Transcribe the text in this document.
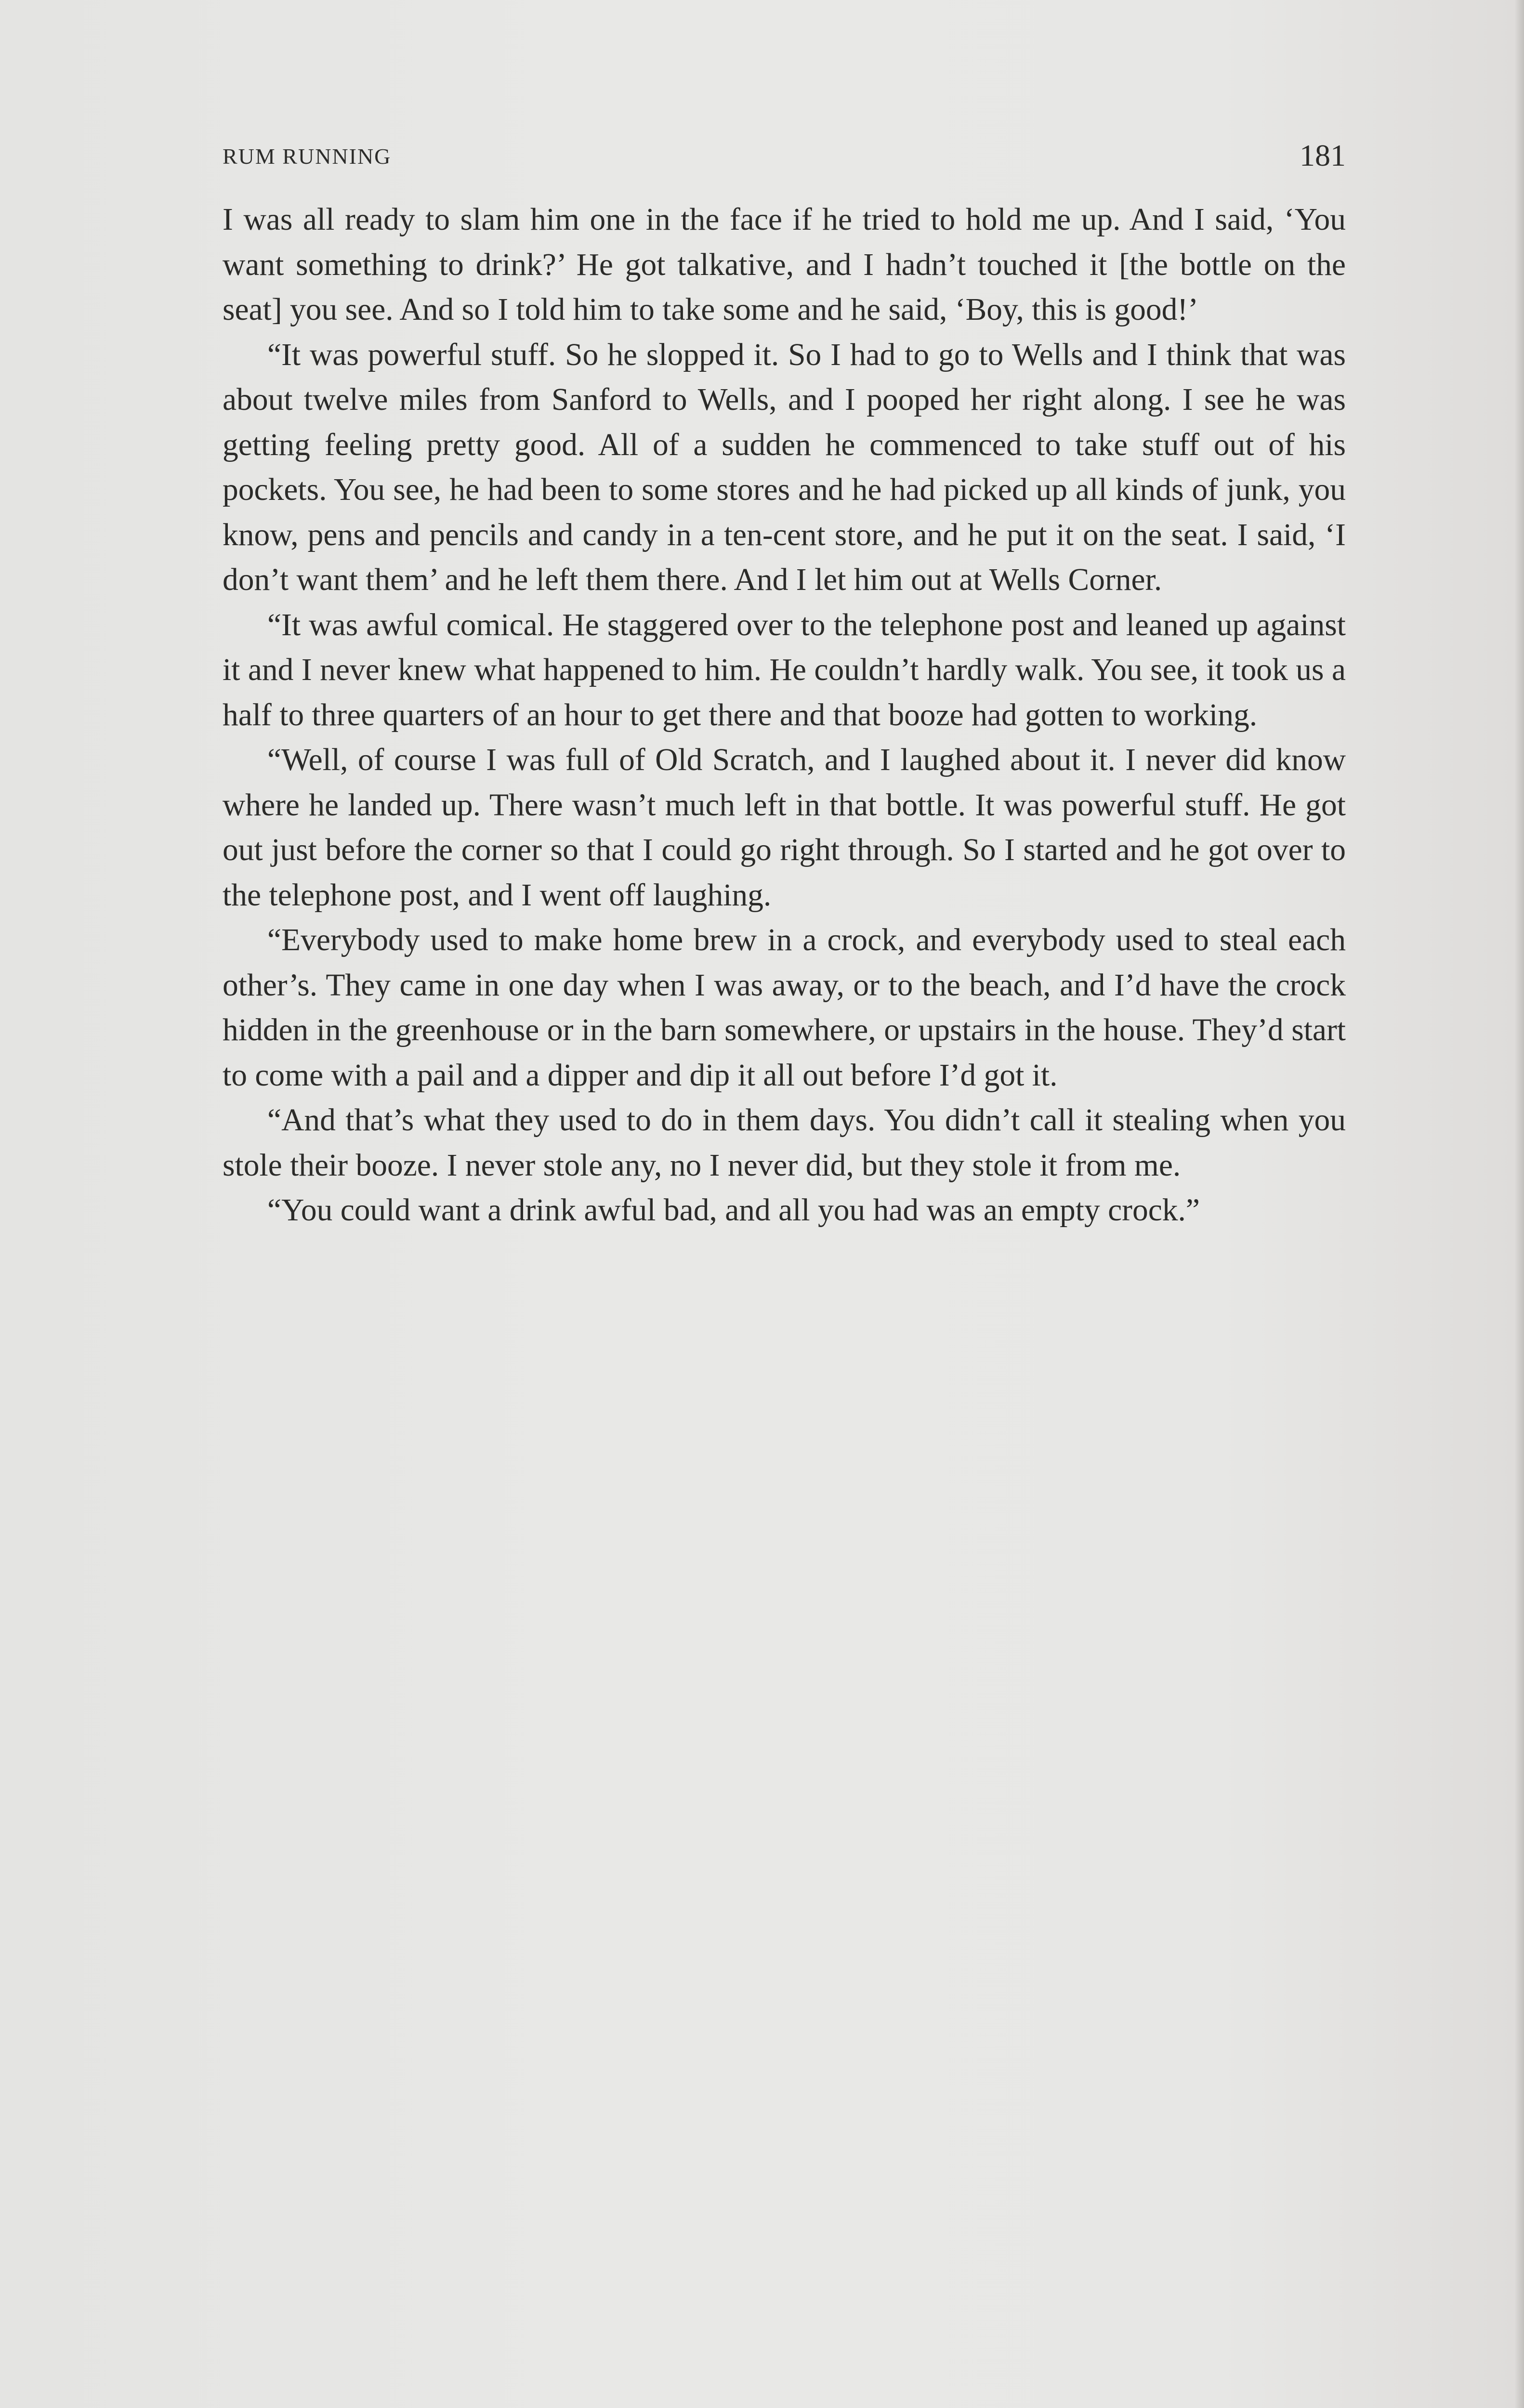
RUM RUNNING	181

I was all ready to slam him one in the face if he tried to hold me up. And I said, ‘You want something to drink?’ He got talkative, and I hadn’t touched it [the bottle on the seat] you see. And so I told him to take some and he said, ‘Boy, this is good!’

“It was powerful stuff. So he slopped it. So I had to go to Wells and I think that was about twelve miles from Sanford to Wells, and I pooped her right along. I see he was getting feeling pretty good. All of a sudden he commenced to take stuff out of his pockets. You see, he had been to some stores and he had picked up all kinds of junk, you know, pens and pencils and candy in a ten-cent store, and he put it on the seat. I said, ‘I don’t want them’ and he left them there. And I let him out at Wells Corner.

“It was awful comical. He staggered over to the telephone post and leaned up against it and I never knew what happened to him. He couldn’t hardly walk. You see, it took us a half to three quarters of an hour to get there and that booze had gotten to working.

“Well, of course I was full of Old Scratch, and I laughed about it. I never did know where he landed up. There wasn’t much left in that bottle. It was powerful stuff. He got out just before the corner so that I could go right through. So I started and he got over to the telephone post, and I went off laughing.

“Everybody used to make home brew in a crock, and everybody used to steal each other’s. They came in one day when I was away, or to the beach, and I’d have the crock hidden in the greenhouse or in the barn somewhere, or upstairs in the house. They’d start to come with a pail and a dipper and dip it all out before I’d got it.

“And that’s what they used to do in them days. You didn’t call it stealing when you stole their booze. I never stole any, no I never did, but they stole it from me.

“You could want a drink awful bad, and all you had was an empty crock.”
